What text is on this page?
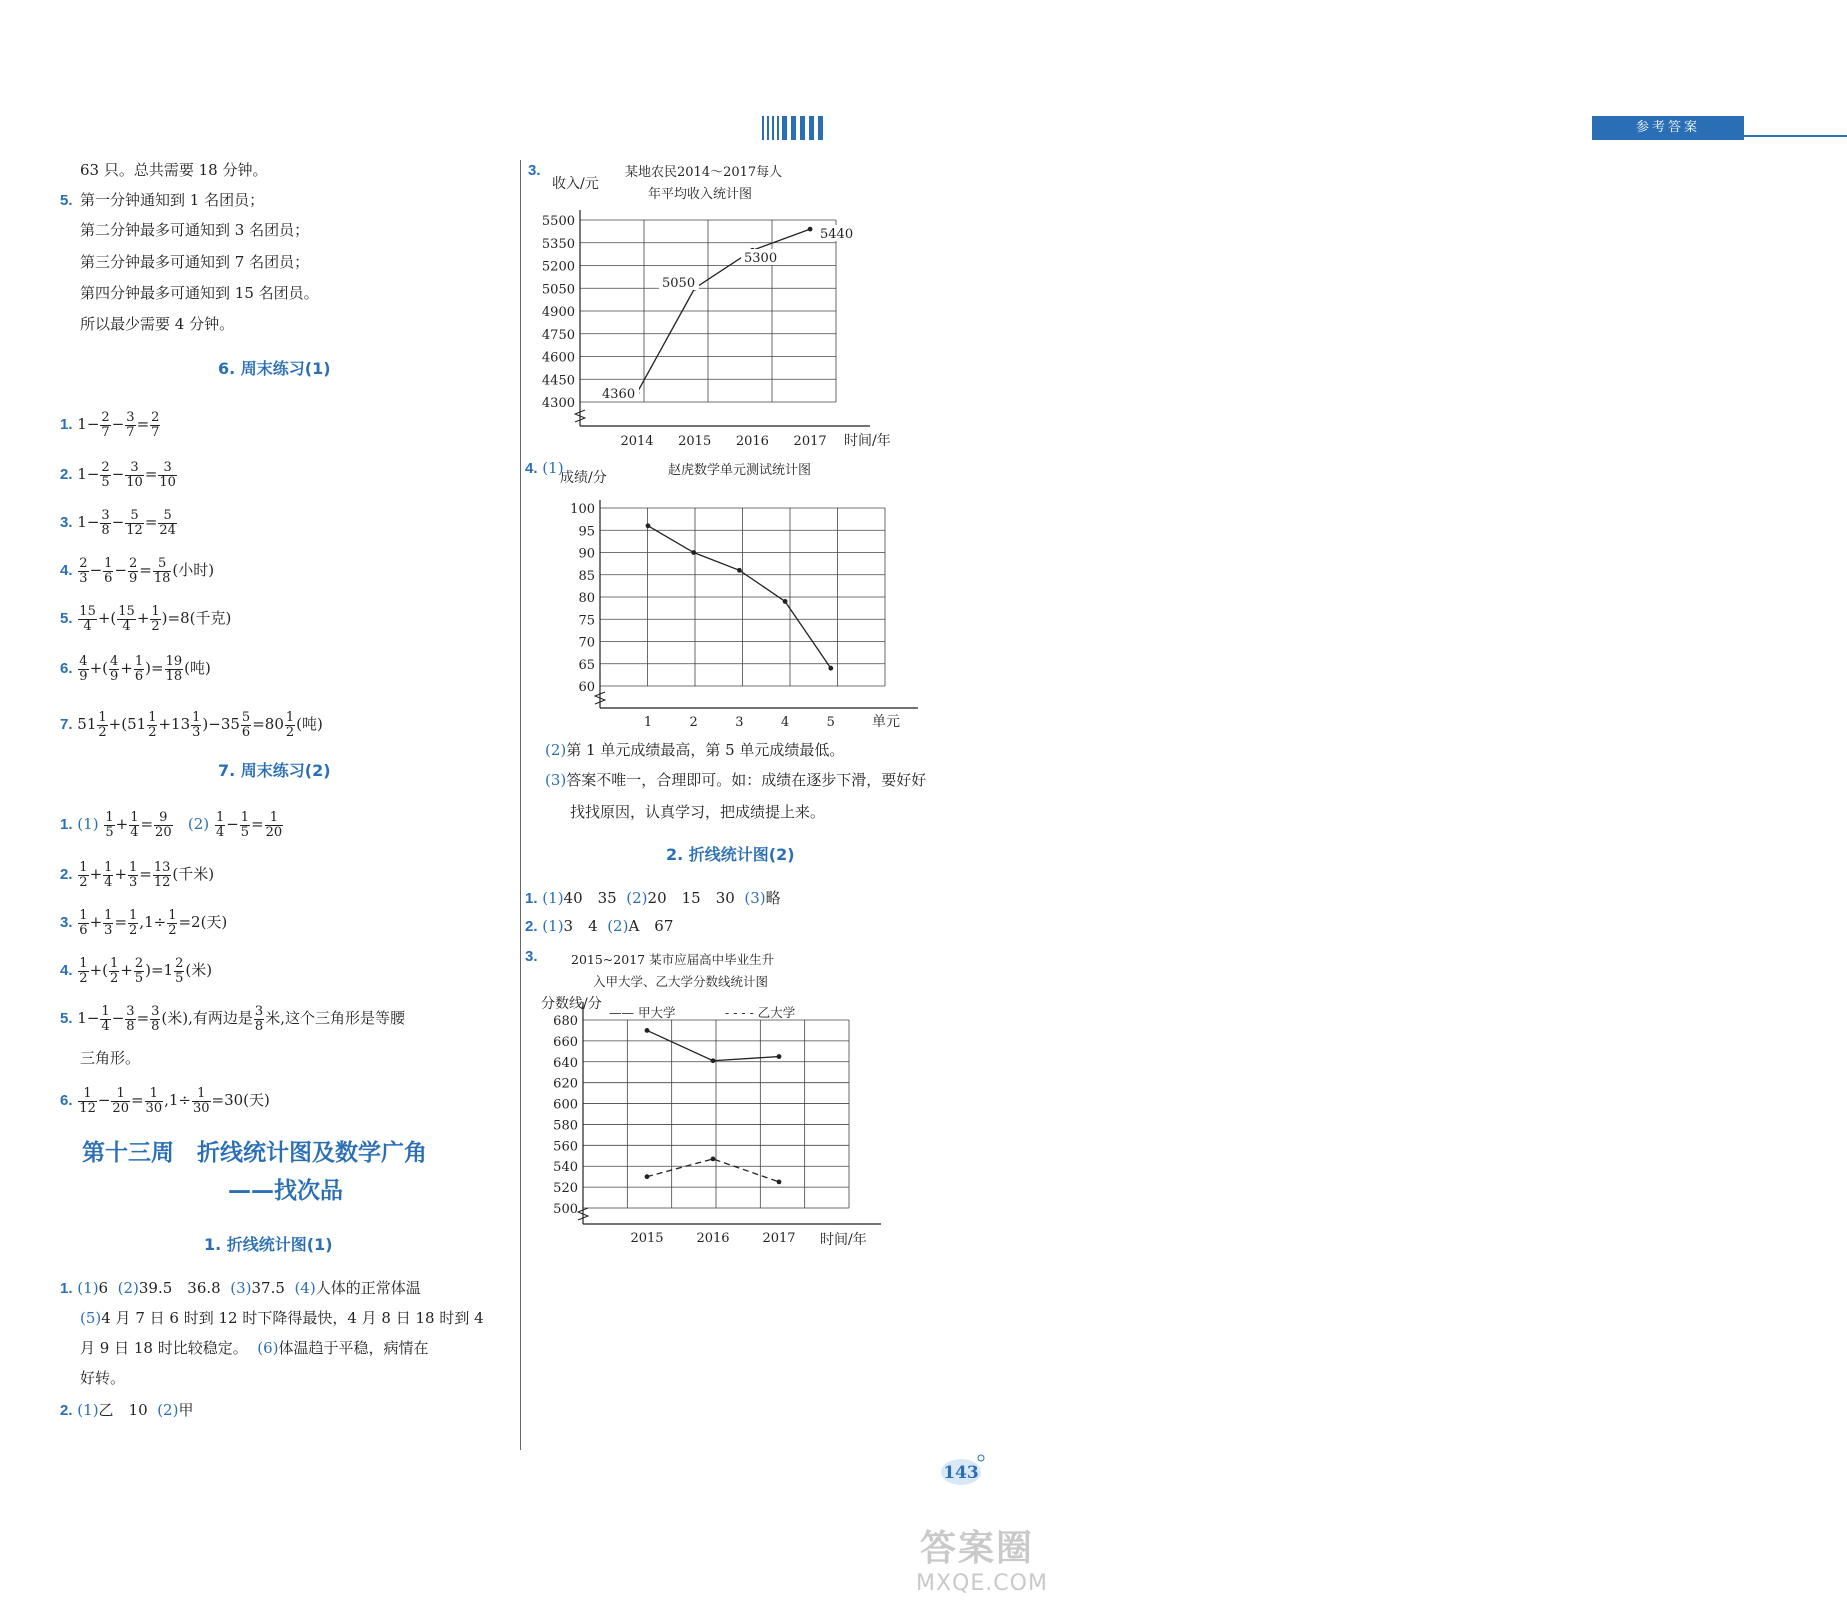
参考答案
63 只。总共需要 18 分钟。
5. 第一分钟通知到 1 名团员；
第二分钟最多可通知到 3 名团员；
第三分钟最多可通知到 7 名团员；
第四分钟最多可通知到 15 名团员。
所以最少需要 4 分钟。
6. 周末练习(1)
1. $1- \frac{2}{7} - \frac{3}{7} = \frac{2}{7}$
2. $1- \frac{2}{5} - \frac{3}{10} = \frac{3}{10}$
3. $1- \frac{3}{8} - \frac{5}{12} = \frac{5}{24}$
4. $\frac{2}{3} - \frac{1}{6} - \frac{2}{9} = \frac{5}{18}$ (小时)
5. $\frac{15}{4}$ +( $\frac{15}{4} + \frac{1}{2} )=8$(千克)
6. $\frac{4}{9}$ +( $\frac{4}{9} + \frac{1}{6}$ )= $\frac{19}{18}$ (吨)
7. $51 \frac{1}{2} +(51 \frac{1}{2} +13 \frac{1}{3} )-35 \frac{5}{6} =80 \frac{1}{2}$ (吨)
7. 周末练习(2)
1. $(1) \frac{1}{5} + \frac{1}{4} = \frac{9}{20} (2) \frac{1}{4} - \frac{1}{5} = \frac{1}{20}$
2. $\frac{1}{2} + \frac{1}{4} + \frac{1}{3} = \frac{13}{12}$ (千米)
3. $\frac{1}{6} + \frac{1}{3} = \frac{1}{2} ,1\div \frac{1}{2} =2$(天)
4. $\frac{1}{2}$ +( $\frac{1}{2} + \frac{2}{5} )=1 \frac{2}{5}$ (米)
5. $1- \frac{1}{4} - \frac{3}{8} = \frac{3}{8}$ (米),有两边是 $\frac{3}{8}$ 米,这个三角形是等腰
三角形。
6. $\frac{1}{12} - \frac{1}{20} = \frac{1}{30} ,1\div \frac{1}{30} =30$(天)
第十三周　折线统计图及数学广角
——找次品
1. 折线统计图(1)
1. (1)6 (2)39.5　36.8 (3)37.5 (4)人体的正常体温
(5)4 月 7 日 6 时到 12 时下降得最快，4 月 8 日 18 时到 4
月 9 日 18 时比较稳定。 (6)体温趋于平稳，病情在
好转。
2. (1)乙　10 (2)甲
3.	某地农民2014～2017每人
年平均收入统计图
收入/元
5500
5350
5200
5050
4900
4750
4600
4450
4300
2014 2015 2016 2017 时间/年
4360
5050
5300
5440
4. (1)	赵虎数学单元测试统计图
成绩/分
100
95
90
85
80
75
70
65
60
1	2	3	4	5	单元
(2)第 1 单元成绩最高，第 5 单元成绩最低。
(3)答案不唯一，合理即可。如：成绩在逐步下滑，要好好
找找原因，认真学习，把成绩提上来。
2. 折线统计图(2)
1. (1)40　35 (2)20　15　30 (3)略
2. (1)3　4 (2)A　67
3.	2015~2017 某市应届高中毕业生升
入甲大学、乙大学分数线统计图
分数线/分
680
660
640
620
600
580
560
540
520
500
2015	2016	2017 时间/年
—— 甲大学	- - - - 乙大学
143
答案圈
MXQE.COM
